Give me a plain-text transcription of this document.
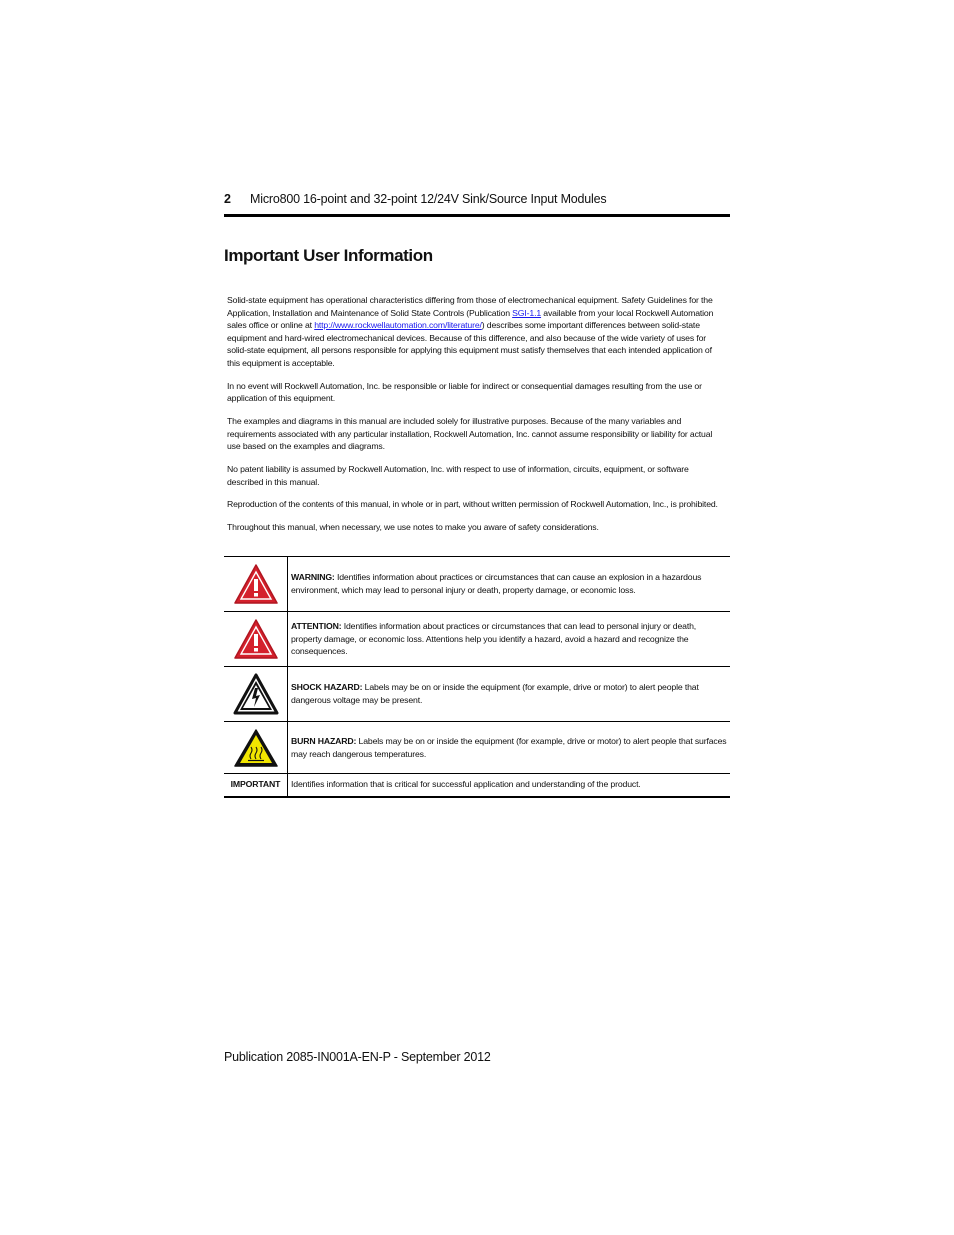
2 Micro800 16-point and 32-point 12/24V Sink/Source Input Modules
Important User Information

Solid-state equipment has operational characteristics differing from those of electromechanical equipment. Safety Guidelines for the Application, Installation and Maintenance of Solid State Controls (Publication SGI-1.1 available from your local Rockwell Automation sales office or online at http://www.rockwellautomation.com/literature/) describes some important differences between solid-state equipment and hard-wired electromechanical devices. Because of this difference, and also because of the wide variety of uses for solid-state equipment, all persons responsible for applying this equipment must satisfy themselves that each intended application of this equipment is acceptable.

In no event will Rockwell Automation, Inc. be responsible or liable for indirect or consequential damages resulting from the use or application of this equipment.

The examples and diagrams in this manual are included solely for illustrative purposes. Because of the many variables and requirements associated with any particular installation, Rockwell Automation, Inc. cannot assume responsibility or liability for actual use based on the examples and diagrams.

No patent liability is assumed by Rockwell Automation, Inc. with respect to use of information, circuits, equipment, or software described in this manual.

Reproduction of the contents of this manual, in whole or in part, without written permission of Rockwell Automation, Inc., is prohibited.

Throughout this manual, when necessary, we use notes to make you aware of safety considerations.

	WARNING: Identifies information about practices or circumstances that can cause an explosion in a hazardous environment, which may lead to personal injury or death, property damage, or economic loss.

	ATTENTION: Identifies information about practices or circumstances that can lead to personal injury or death, property damage, or economic loss. Attentions help you identify a hazard, avoid a hazard and recognize the consequences.

	SHOCK HAZARD: Labels may be on or inside the equipment (for example, drive or motor) to alert people that dangerous voltage may be present.

	BURN HAZARD: Labels may be on or inside the equipment (for example, drive or motor) to alert people that surfaces may reach dangerous temperatures.
IMPORTANT	Identifies information that is critical for successful application and understanding of the product.
Publication 2085-IN001A-EN-P - September 2012
